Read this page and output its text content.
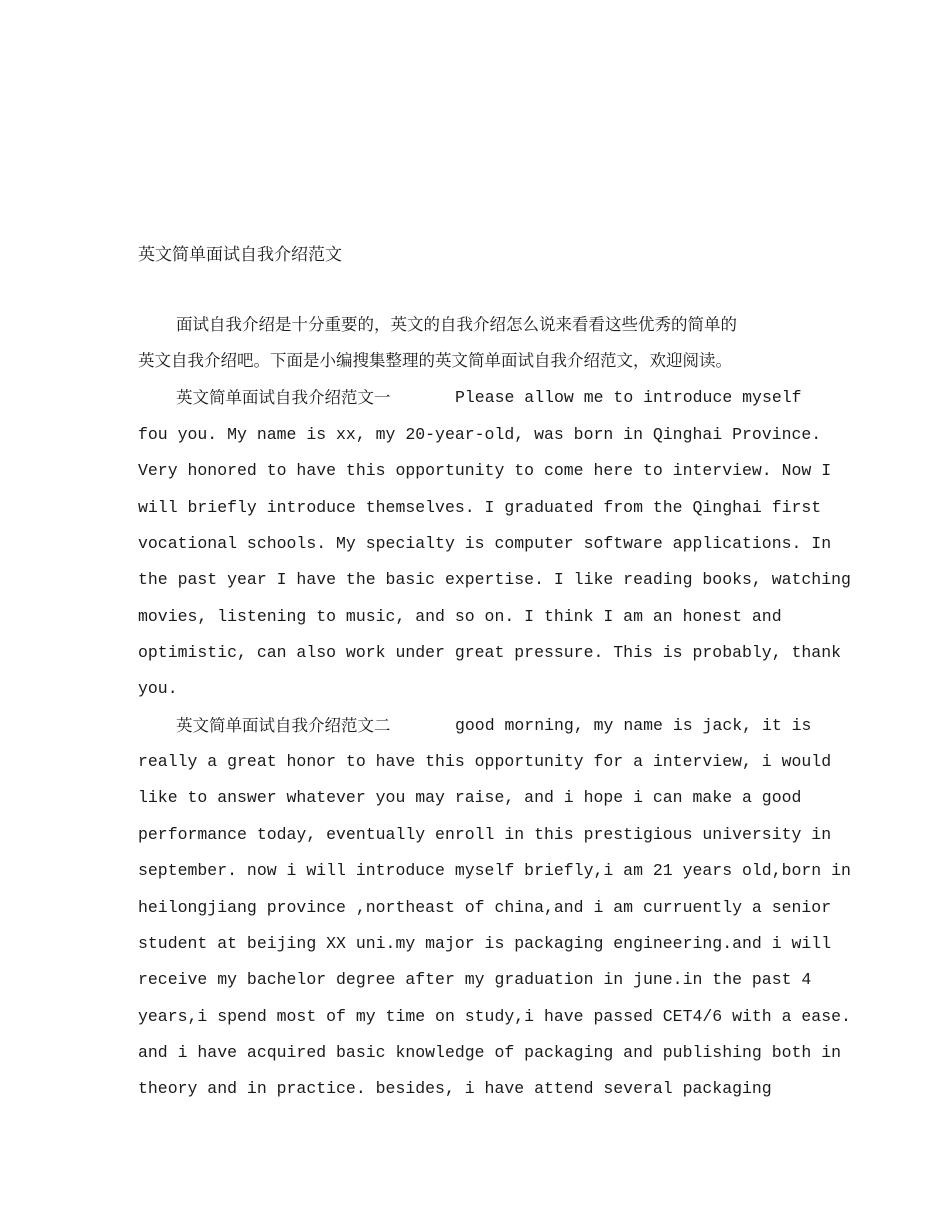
英文简单面试自我介绍范文
面试自我介绍是十分重要的，英文的自我介绍怎么说来看看这些优秀的简单的
英文自我介绍吧。下面是小编搜集整理的英文简单面试自我介绍范文，欢迎阅读。
英文简单面试自我介绍范文一	Please allow me to introduce myself
fou you. My name is xx, my 20-year-old, was born in Qinghai Province.
Very honored to have this opportunity to come here to interview. Now I
will briefly introduce themselves. I graduated from the Qinghai first
vocational schools. My specialty is computer software applications. In
the past year I have the basic expertise. I like reading books, watching
movies, listening to music, and so on. I think I am an honest and
optimistic, can also work under great pressure. This is probably, thank
you.
英文简单面试自我介绍范文二	good morning, my name is jack, it is
really a great honor to have this opportunity for a interview, i would
like to answer whatever you may raise, and i hope i can make a good
performance today, eventually enroll in this prestigious university in
september. now i will introduce myself briefly,i am 21 years old,born in
heilongjiang province ,northeast of china,and i am curruently a senior
student at beijing XX uni.my major is packaging engineering.and i will
receive my bachelor degree after my graduation in june.in the past 4
years,i spend most of my time on study,i have passed CET4/6 with a ease.
and i have acquired basic knowledge of packaging and publishing both in
theory and in practice. besides, i have attend several packaging
